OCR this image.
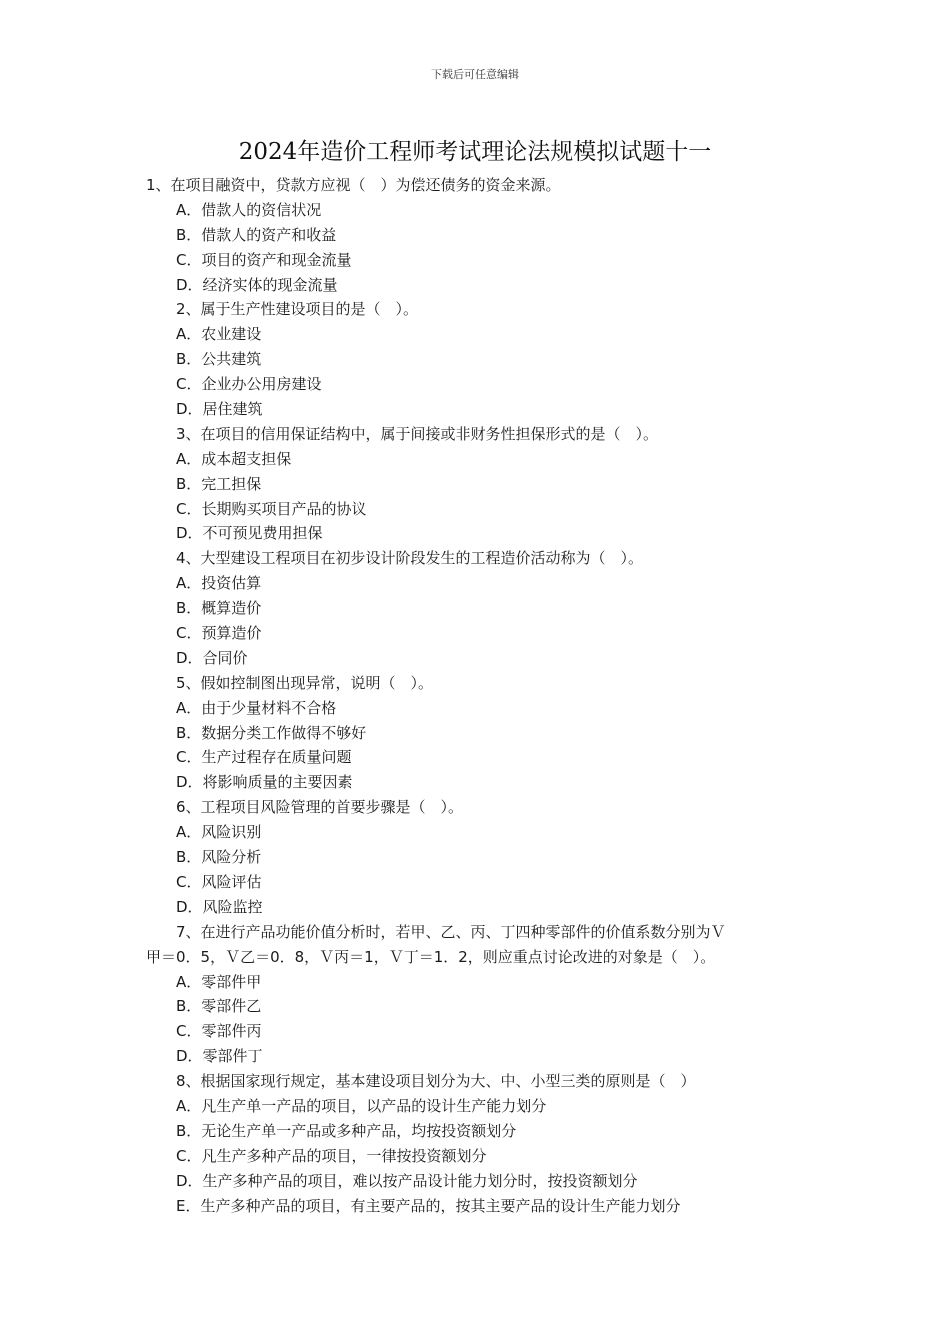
下载后可任意编辑
2024年造价工程师考试理论法规模拟试题十一
1、在项目融资中，贷款方应视（　）为偿还债务的资金来源。
A．借款人的资信状况
B．借款人的资产和收益
C．项目的资产和现金流量
D．经济实体的现金流量
2、属于生产性建设项目的是（　）。
A．农业建设
B．公共建筑
C．企业办公用房建设
D．居住建筑
3、在项目的信用保证结构中，属于间接或非财务性担保形式的是（　）。
A．成本超支担保
B．完工担保
C．长期购买项目产品的协议
D．不可预见费用担保
4、大型建设工程项目在初步设计阶段发生的工程造价活动称为（　）。
A．投资估算
B．概算造价
C．预算造价
D．合同价
5、假如控制图出现异常，说明（　）。
A．由于少量材料不合格
B．数据分类工作做得不够好
C．生产过程存在质量问题
D．将影响质量的主要因素
6、工程项目风险管理的首要步骤是（　）。
A．风险识别
B．风险分析
C．风险评估
D．风险监控
7、在进行产品功能价值分析时，若甲、乙、丙、丁四种零部件的价值系数分别为Ｖ
甲＝0．5，Ｖ乙＝0．8，Ｖ丙＝1，Ｖ丁＝1．2，则应重点讨论改进的对象是（　）。
A．零部件甲
B．零部件乙
C．零部件丙
D．零部件丁
8、根据国家现行规定，基本建设项目划分为大、中、小型三类的原则是（　）
A．凡生产单一产品的项目，以产品的设计生产能力划分
B．无论生产单一产品或多种产品，均按投资额划分
C．凡生产多种产品的项目，一律按投资额划分
D．生产多种产品的项目，难以按产品设计能力划分时，按投资额划分
E．生产多种产品的项目，有主要产品的，按其主要产品的设计生产能力划分
